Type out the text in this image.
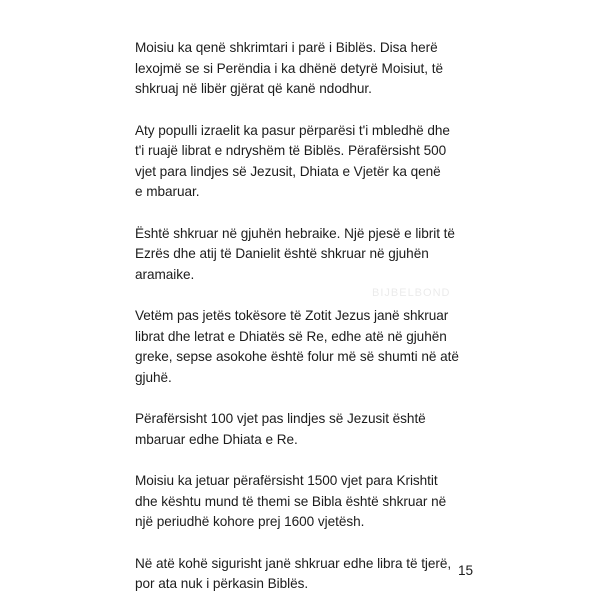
BIJBELBOND

Moisiu ka qenë shkrimtari i parë i Biblës. Disa herë
lexojmë se si Perëndia i ka dhënë detyrë Moisiut, të
shkruaj në libër gjërat që kanë ndodhur.

Aty populli izraelit ka pasur përparësi t'i mbledhë dhe
t'i ruajë librat e ndryshëm të Biblës. Përafërsisht 500
vjet para lindjes së Jezusit, Dhiata e Vjetër ka qenë
e mbaruar.

Është shkruar në gjuhën hebraike. Një pjesë e librit të
Ezrës dhe atij të Danielit është shkruar në gjuhën
aramaike.

Vetëm pas jetës tokësore të Zotit Jezus janë shkruar
librat dhe letrat e Dhiatës së Re, edhe atë në gjuhën
greke, sepse asokohe është folur më së shumti në atë
gjuhë.

Përafërsisht 100 vjet pas lindjes së Jezusit është
mbaruar edhe Dhiata e Re.

Moisiu ka jetuar përafërsisht 1500 vjet para Krishtit
dhe kështu mund të themi se Bibla është shkruar në
një periudhë kohore prej 1600 vjetësh.

Në atë kohë sigurisht janë shkruar edhe libra të tjerë,
por ata nuk i përkasin Biblës.

15
